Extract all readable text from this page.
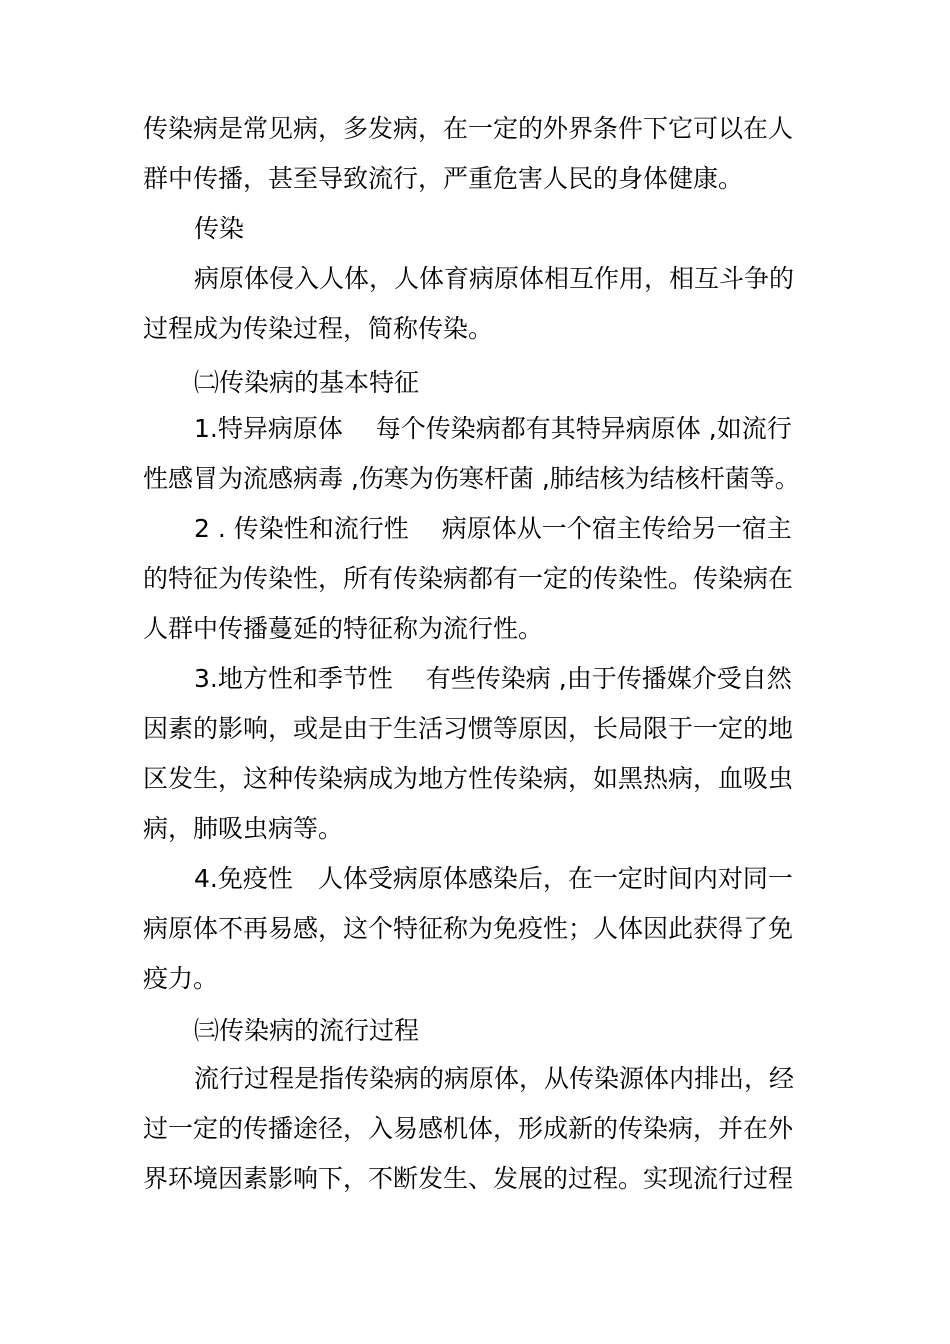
传染病是常见病，多发病，在一定的外界条件下它可以在人
群中传播，甚至导致流行，严重危害人民的身体健康。
传染
病原体侵入人体，人体育病原体相互作用，相互斗争的
过程成为传染过程，简称传染。
㈡传染病的基本特征
1.特异病原体　 每个传染病都有其特异病原体 ,如流行
性感冒为流感病毒 ,伤寒为伤寒杆菌 ,肺结核为结核杆菌等。
2 . 传染性和流行性　 病原体从一个宿主传给另一宿主
的特征为传染性，所有传染病都有一定的传染性。传染病在
人群中传播蔓延的特征称为流行性。
3.地方性和季节性　 有些传染病 ,由于传播媒介受自然
因素的影响，或是由于生活习惯等原因，长局限于一定的地
区发生，这种传染病成为地方性传染病，如黑热病，血吸虫
病，肺吸虫病等。
4.免疫性　人体受病原体感染后，在一定时间内对同一
病原体不再易感，这个特征称为免疫性；人体因此获得了免
疫力。
㈢传染病的流行过程
流行过程是指传染病的病原体，从传染源体内排出，经
过一定的传播途径，入易感机体，形成新的传染病，并在外
界环境因素影响下，不断发生、发展的过程。实现流行过程
